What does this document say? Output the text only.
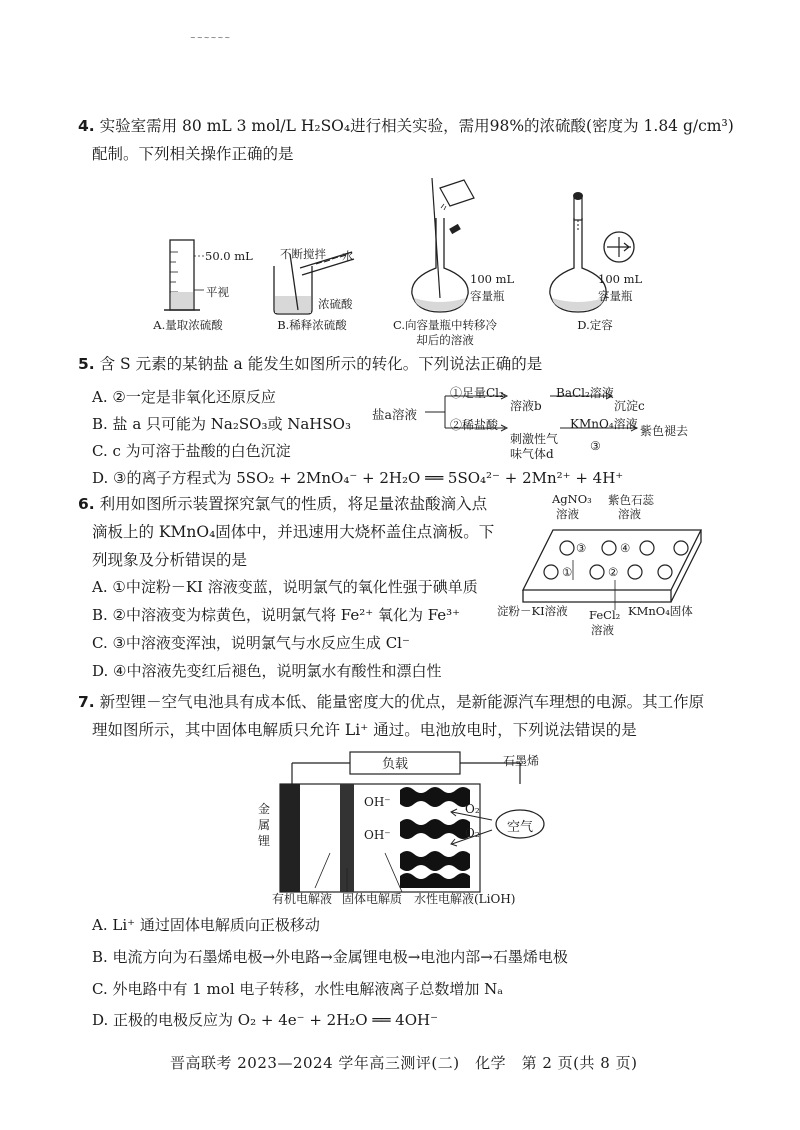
~~~~~~
4. 实验室需用 80 mL 3 mol/L H₂SO₄进行相关实验，需用98%的浓硫酸(密度为 1.84 g/cm³)
配制。下列相关操作正确的是
50.0 mL
平视
A.量取浓硫酸
不断搅拌 水
浓硫酸
B.稀释浓硫酸
100 mL
容量瓶
C.向容量瓶中转移冷
却后的溶液
100 mL
容量瓶
D.定容
5. 含 S 元素的某钠盐 a 能发生如图所示的转化。下列说法正确的是
A. ②一定是非氧化还原反应
B. 盐 a 只可能为 Na₂SO₃或 NaHSO₃
C. c 为可溶于盐酸的白色沉淀
D. ③的离子方程式为 5SO₂ + 2MnO₄⁻ + 2H₂O ══ 5SO₄²⁻ + 2Mn²⁺ + 4H⁺
盐a溶液
①足量Cl₂
溶液b
BaCl₂溶液
沉淀c
②稀盐酸
刺激性气
味气体d
KMnO₄溶液
③
紫色褪去
6. 利用如图所示装置探究氯气的性质，将足量浓盐酸滴入点
滴板上的 KMnO₄固体中，并迅速用大烧杯盖住点滴板。下
列现象及分析错误的是
A. ①中淀粉－KI 溶液变蓝，说明氯气的氧化性强于碘单质
B. ②中溶液变为棕黄色，说明氯气将 Fe²⁺ 氧化为 Fe³⁺
C. ③中溶液变浑浊，说明氯气与水反应生成 Cl⁻
D. ④中溶液先变红后褪色，说明氯水有酸性和漂白性
AgNO₃
溶液
紫色石蕊
溶液
③	④
①	②
淀粉－KI溶液 FeCl₂
溶液
KMnO₄固体
7. 新型锂－空气电池具有成本低、能量密度大的优点，是新能源汽车理想的电源。其工作原
理如图所示，其中固体电解质只允许 Li⁺ 通过。电池放电时，下列说法错误的是
负载	石墨烯
金
属
锂
OH⁻
OH⁻
O₂
O₂ 空气
有机电解液 固体电解质 水性电解液(LiOH)
A. Li⁺ 通过固体电解质向正极移动
B. 电流方向为石墨烯电极→外电路→金属锂电极→电池内部→石墨烯电极
C. 外电路中有 1 mol 电子转移，水性电解液离子总数增加 Nₐ
D. 正极的电极反应为 O₂ + 4e⁻ + 2H₂O ══ 4OH⁻
晋高联考 2023—2024 学年高三测评(二)　化学　第 2 页(共 8 页)
